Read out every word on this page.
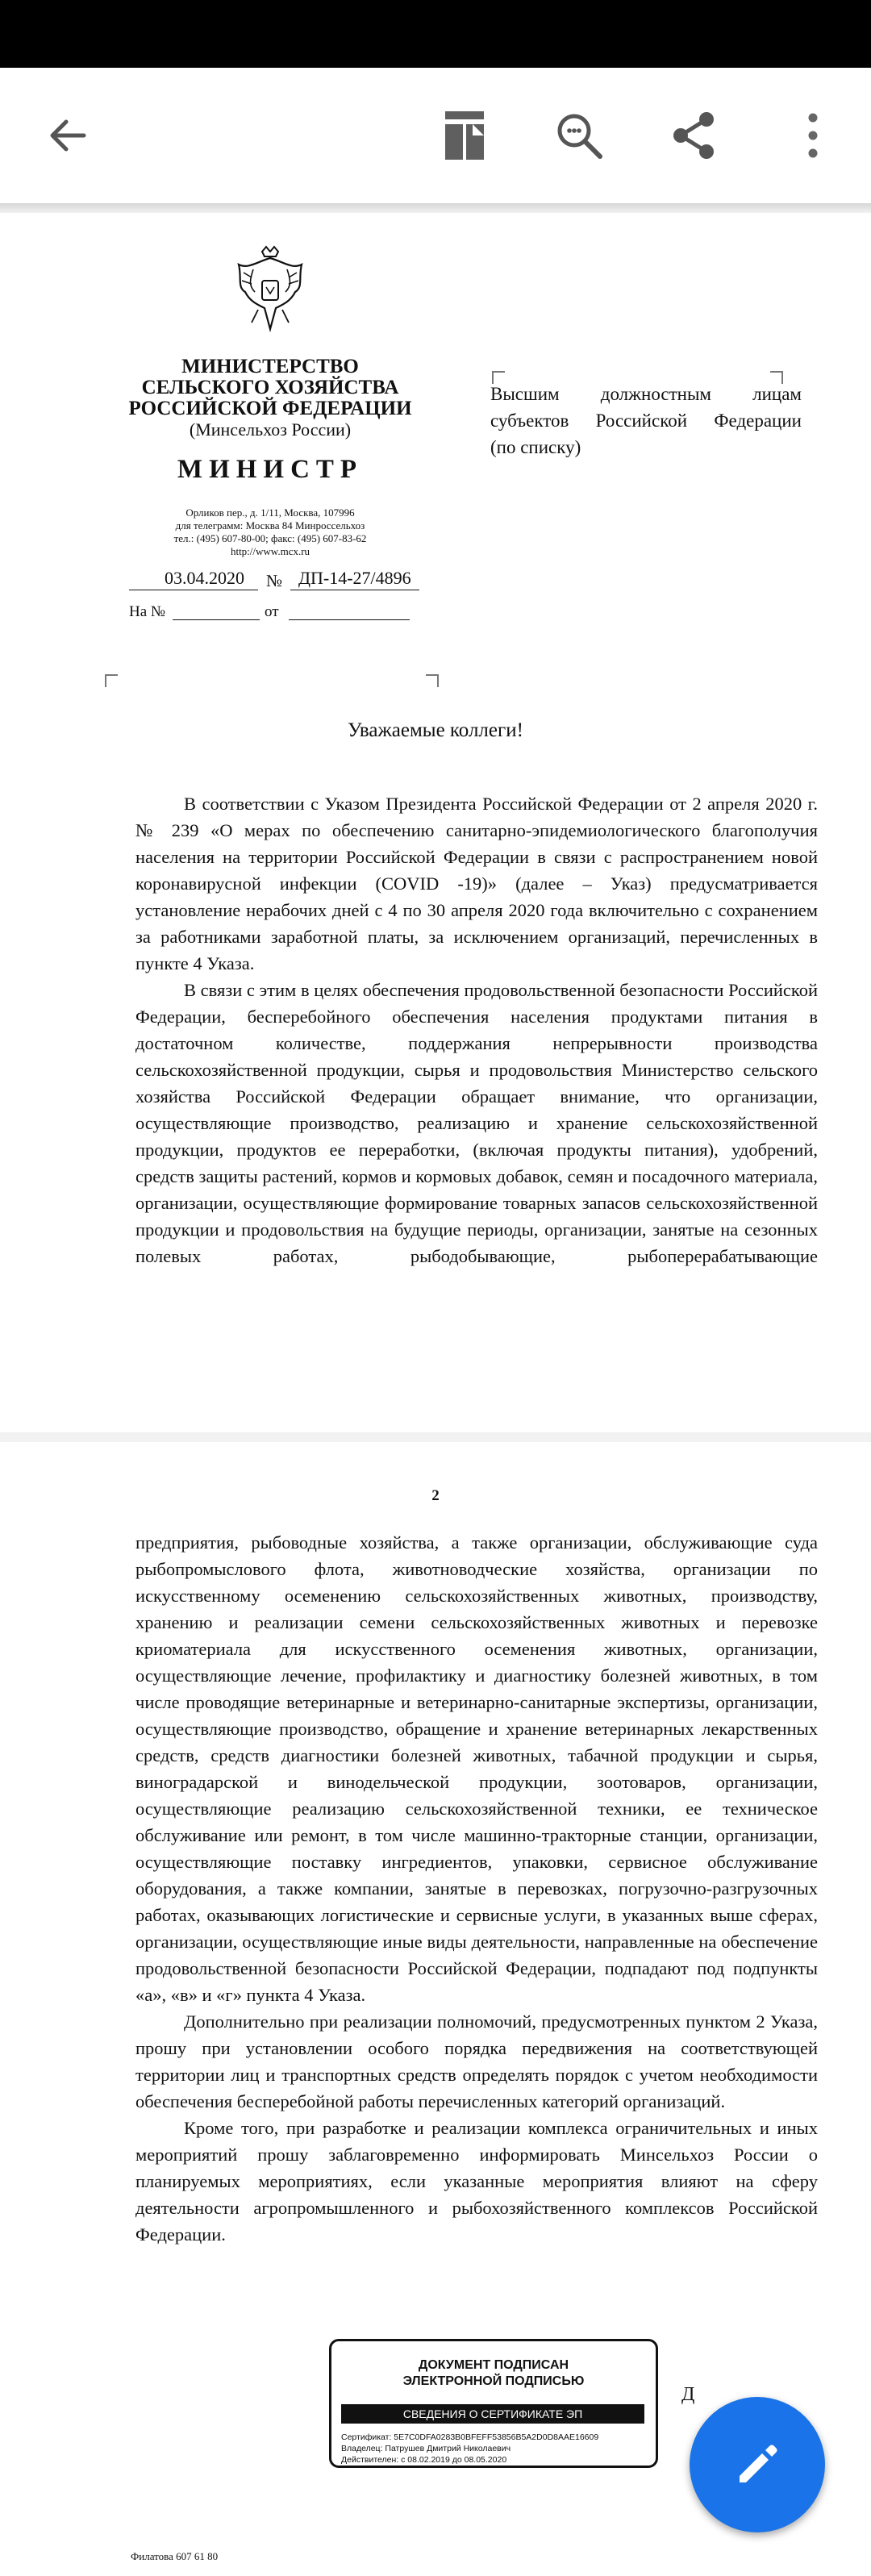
МИНИСТЕРСТВО
СЕЛЬСКОГО ХОЗЯЙСТВА
РОССИЙСКОЙ ФЕДЕРАЦИИ
(Минсельхоз России)
МИНИСТР
Орликов пер., д. 1/11, Москва, 107996
для телеграмм: Москва 84 Минроссельхоз
тел.: (495) 607-80-00; факс: (495) 607-83-62
http://www.mcx.ru
03.04.2020 № ДП-14-27/4896
На №	от
Высшим должностным лицам
субъектов Российской Федерации
(по списку)
Уважаемые коллеги!

В соответствии с Указом Президента Российской Федерации от 2 апреля 2020 г. № 239 «О мерах по обеспечению санитарно-эпидемиологического благополучия населения на территории Российской Федерации в связи с распространением новой коронавирусной инфекции (COVID -19)» (далее – Указ) предусматривается установление нерабочих дней с 4 по 30 апреля 2020 года включительно с сохранением за работниками заработной платы, за исключением организаций, перечисленных в пункте 4 Указа.

В связи с этим в целях обеспечения продовольственной безопасности Российской Федерации, бесперебойного обеспечения населения продуктами питания в достаточном количестве, поддержания непрерывности производства сельскохозяйственной продукции, сырья и продовольствия Министерство сельского хозяйства Российской Федерации обращает внимание, что организации, осуществляющие производство, реализацию и хранение сельскохозяйственной продукции, продуктов ее переработки, (включая продукты питания), удобрений, средств защиты растений, кормов и кормовых добавок, семян и посадочного материала, организации, осуществляющие формирование товарных запасов сельскохозяйственной продукции и продовольствия на будущие периоды, организации, занятые на сезонных полевых работах, рыбодобывающие, рыбоперерабатывающие

2

предприятия, рыбоводные хозяйства, а также организации, обслуживающие суда рыбопромыслового флота, животноводческие хозяйства, организации по искусственному осеменению сельскохозяйственных животных, производству, хранению и реализации семени сельскохозяйственных животных и перевозке криоматериала для искусственного осеменения животных, организации, осуществляющие лечение, профилактику и диагностику болезней животных, в том числе проводящие ветеринарные и ветеринарно-санитарные экспертизы, организации, осуществляющие производство, обращение и хранение ветеринарных лекарственных средств, средств диагностики болезней животных, табачной продукции и сырья, виноградарской и винодельческой продукции, зоотоваров, организации, осуществляющие реализацию сельскохозяйственной техники, ее техническое обслуживание или ремонт, в том числе машинно-тракторные станции, организации, осуществляющие поставку ингредиентов, упаковки, сервисное обслуживание оборудования, а также компании, занятые в перевозках, погрузочно-разгрузочных работах, оказывающих логистические и сервисные услуги, в указанных выше сферах, организации, осуществляющие иные виды деятельности, направленные на обеспечение продовольственной безопасности Российской Федерации, подпадают под подпункты «а», «в» и «г» пункта 4 Указа.

Дополнительно при реализации полномочий, предусмотренных пунктом 2 Указа, прошу при установлении особого порядка передвижения на соответствующей территории лиц и транспортных средств определять порядок с учетом необходимости обеспечения бесперебойной работы перечисленных категорий организаций.

Кроме того, при разработке и реализации комплекса ограничительных и иных мероприятий прошу заблаговременно информировать Минсельхоз России о планируемых мероприятиях, если указанные мероприятия влияют на сферу деятельности агропромышленного и рыбохозяйственного комплексов Российской Федерации.

ДОКУМЕНТ ПОДПИСАН
ЭЛЕКТРОННОЙ ПОДПИСЬЮ
СВЕДЕНИЯ О СЕРТИФИКАТЕ ЭП
Сертификат: 5E7C0DFA0283B0BFEFF53856B5A2D0D8AAE16609
Владелец: Патрушев Дмитрий Николаевич
Действителен: с 08.02.2019 до 08.05.2020
Д
Филатова 607 61 80
